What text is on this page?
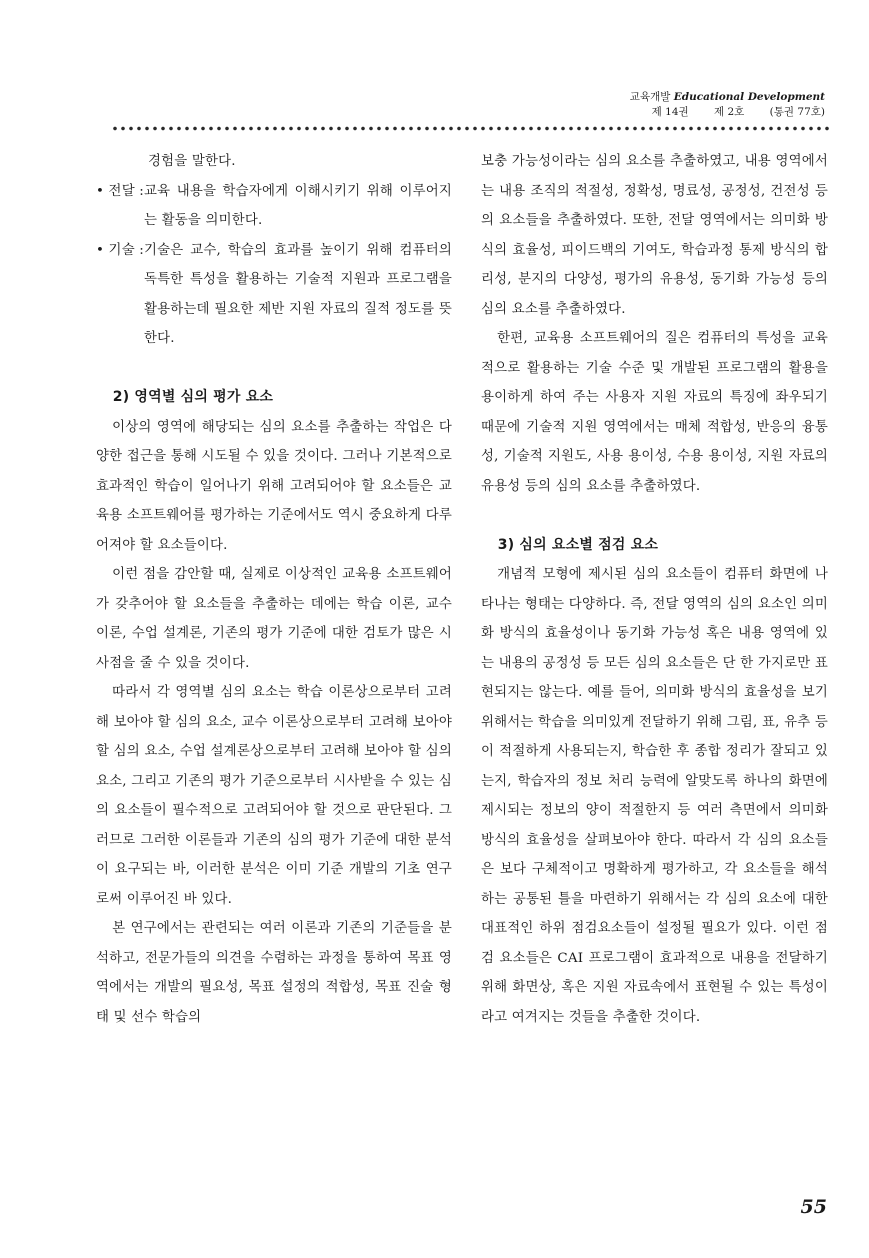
교육개발 Educational Development
제 14권 제 2호 (통권 77호)

경험을 말한다.

• 전달 : 교육 내용을 학습자에게 이해시키기 위해 이루어지는 활동을 의미한다.
• 기술 : 기술은 교수, 학습의 효과를 높이기 위해 컴퓨터의 독특한 특성을 활용하는 기술적 지원과 프로그램을 활용하는데 필요한 제반 지원 자료의 질적 정도를 뜻한다.

2) 영역별 심의 평가 요소

이상의 영역에 해당되는 심의 요소를 추출하는 작업은 다양한 접근을 통해 시도될 수 있을 것이다. 그러나 기본적으로 효과적인 학습이 일어나기 위해 고려되어야 할 요소들은 교육용 소프트웨어를 평가하는 기준에서도 역시 중요하게 다루어져야 할 요소들이다.

이런 점을 감안할 때, 실제로 이상적인 교육용 소프트웨어가 갖추어야 할 요소들을 추출하는 데에는 학습 이론, 교수 이론, 수업 설계론, 기존의 평가 기준에 대한 검토가 많은 시사점을 줄 수 있을 것이다.

따라서 각 영역별 심의 요소는 학습 이론상으로부터 고려해 보아야 할 심의 요소, 교수 이론상으로부터 고려해 보아야 할 심의 요소, 수업 설계론상으로부터 고려해 보아야 할 심의 요소, 그리고 기존의 평가 기준으로부터 시사받을 수 있는 심의 요소들이 필수적으로 고려되어야 할 것으로 판단된다. 그러므로 그러한 이론들과 기존의 심의 평가 기준에 대한 분석이 요구되는 바, 이러한 분석은 이미 기준 개발의 기초 연구로써 이루어진 바 있다.

본 연구에서는 관련되는 여러 이론과 기존의 기준들을 분석하고, 전문가들의 의견을 수렴하는 과정을 통하여 목표 영역에서는 개발의 필요성, 목표 설정의 적합성, 목표 진술 형태 및 선수 학습의

보충 가능성이라는 심의 요소를 추출하였고, 내용 영역에서는 내용 조직의 적절성, 정확성, 명료성, 공정성, 건전성 등의 요소들을 추출하였다. 또한, 전달 영역에서는 의미화 방식의 효율성, 피이드백의 기여도, 학습과정 통제 방식의 합리성, 분지의 다양성, 평가의 유용성, 동기화 가능성 등의 심의 요소를 추출하였다.

한편, 교육용 소프트웨어의 질은 컴퓨터의 특성을 교육적으로 활용하는 기술 수준 및 개발된 프로그램의 활용을 용이하게 하여 주는 사용자 지원 자료의 특징에 좌우되기 때문에 기술적 지원 영역에서는 매체 적합성, 반응의 융통성, 기술적 지원도, 사용 용이성, 수용 용이성, 지원 자료의 유용성 등의 심의 요소를 추출하였다.

3) 심의 요소별 점검 요소

개념적 모형에 제시된 심의 요소들이 컴퓨터 화면에 나타나는 형태는 다양하다. 즉, 전달 영역의 심의 요소인 의미화 방식의 효율성이나 동기화 가능성 혹은 내용 영역에 있는 내용의 공정성 등 모든 심의 요소들은 단 한 가지로만 표현되지는 않는다. 예를 들어, 의미화 방식의 효율성을 보기 위해서는 학습을 의미있게 전달하기 위해 그림, 표, 유추 등이 적절하게 사용되는지, 학습한 후 종합 정리가 잘되고 있는지, 학습자의 정보 처리 능력에 알맞도록 하나의 화면에 제시되는 정보의 양이 적절한지 등 여러 측면에서 의미화 방식의 효율성을 살펴보아야 한다. 따라서 각 심의 요소들은 보다 구체적이고 명확하게 평가하고, 각 요소들을 해석하는 공통된 틀을 마련하기 위해서는 각 심의 요소에 대한 대표적인 하위 점검요소들이 설정될 필요가 있다. 이런 점검 요소들은 CAI 프로그램이 효과적으로 내용을 전달하기 위해 화면상, 혹은 지원 자료속에서 표현될 수 있는 특성이라고 여겨지는 것들을 추출한 것이다.

55
